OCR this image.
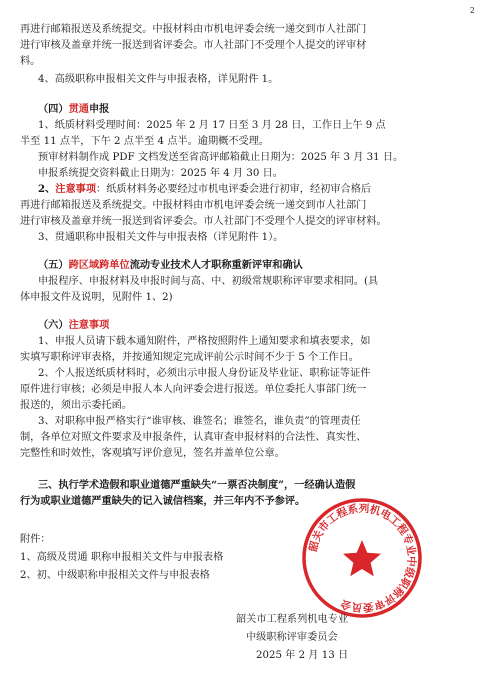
2
再进行邮箱报送及系统提交。中报材料由市机电评委会统一递交到市人社部门
进行审核及盖章并统一报送到省评委会。市人社部门不受理个人提交的评审材
料。
4、高级职称申报相关文件与申报表格，详见附件 1。
（四）贯通申报
1、纸质材料受理时间：2025 年 2 月 17 日至 3 月 28 日，工作日上午 9 点
半至 11 点半，下午 2 点半至 4 点半。逾期概不受理。
预审材料制作成 PDF 文档发送至省高评邮箱截止日期为：2025 年 3 月 31 日。
申报系统提交资料截止日期为：2025 年 4 月 30 日。
2、注意事项：纸质材料务必要经过市机电评委会进行初审，经初审合格后
再进行邮箱报送及系统提交。中报材料由市机电评委会统一递交到市人社部门
进行审核及盖章并统一报送到省评委会。市人社部门不受理个人提交的评审材料。
3、贯通职称申报相关文件与申报表格（详见附件 1）。
（五）跨区域跨单位流动专业技术人才职称重新评审和确认
申报程序、申报材料及申报时间与高、中、初级常规职称评审要求相同。(具
体申报文件及说明，见附件 1、2)
（六）注意事项
1、申报人员请下载本通知附件，严格按照附件上通知要求和填表要求，如
实填写职称评审表格，并按通知规定完成评前公示时间不少于 5 个工作日。
2、个人报送纸质材料时，必须出示申报人身份证及毕业证、职称证等证件
原件进行审核；必须是申报人本人向评委会进行报送。单位委托人事部门统一
报送的，须出示委托函。
3、对职称申报严格实行“谁审核、谁签名；谁签名，谁负责”的管理责任
制，各单位对照文件要求及申报条件，认真审查申报材料的合法性、真实性、
完整性和时效性，客观填写评价意见，签名并盖单位公章。
三、执行学术造假和职业道德严重缺失“一票否决制度”，一经确认造假
行为或职业道德严重缺失的记入诚信档案，并三年内不予参评。
附件：
1、高级及贯通 职称申报相关文件与申报表格
2、初、中级职称申报相关文件与申报表格
韶关市工程系列机电工程专业中级职称评审委员会
韶关市工程系列机电专业
中级职称评审委员会
2025 年 2 月 13 日
